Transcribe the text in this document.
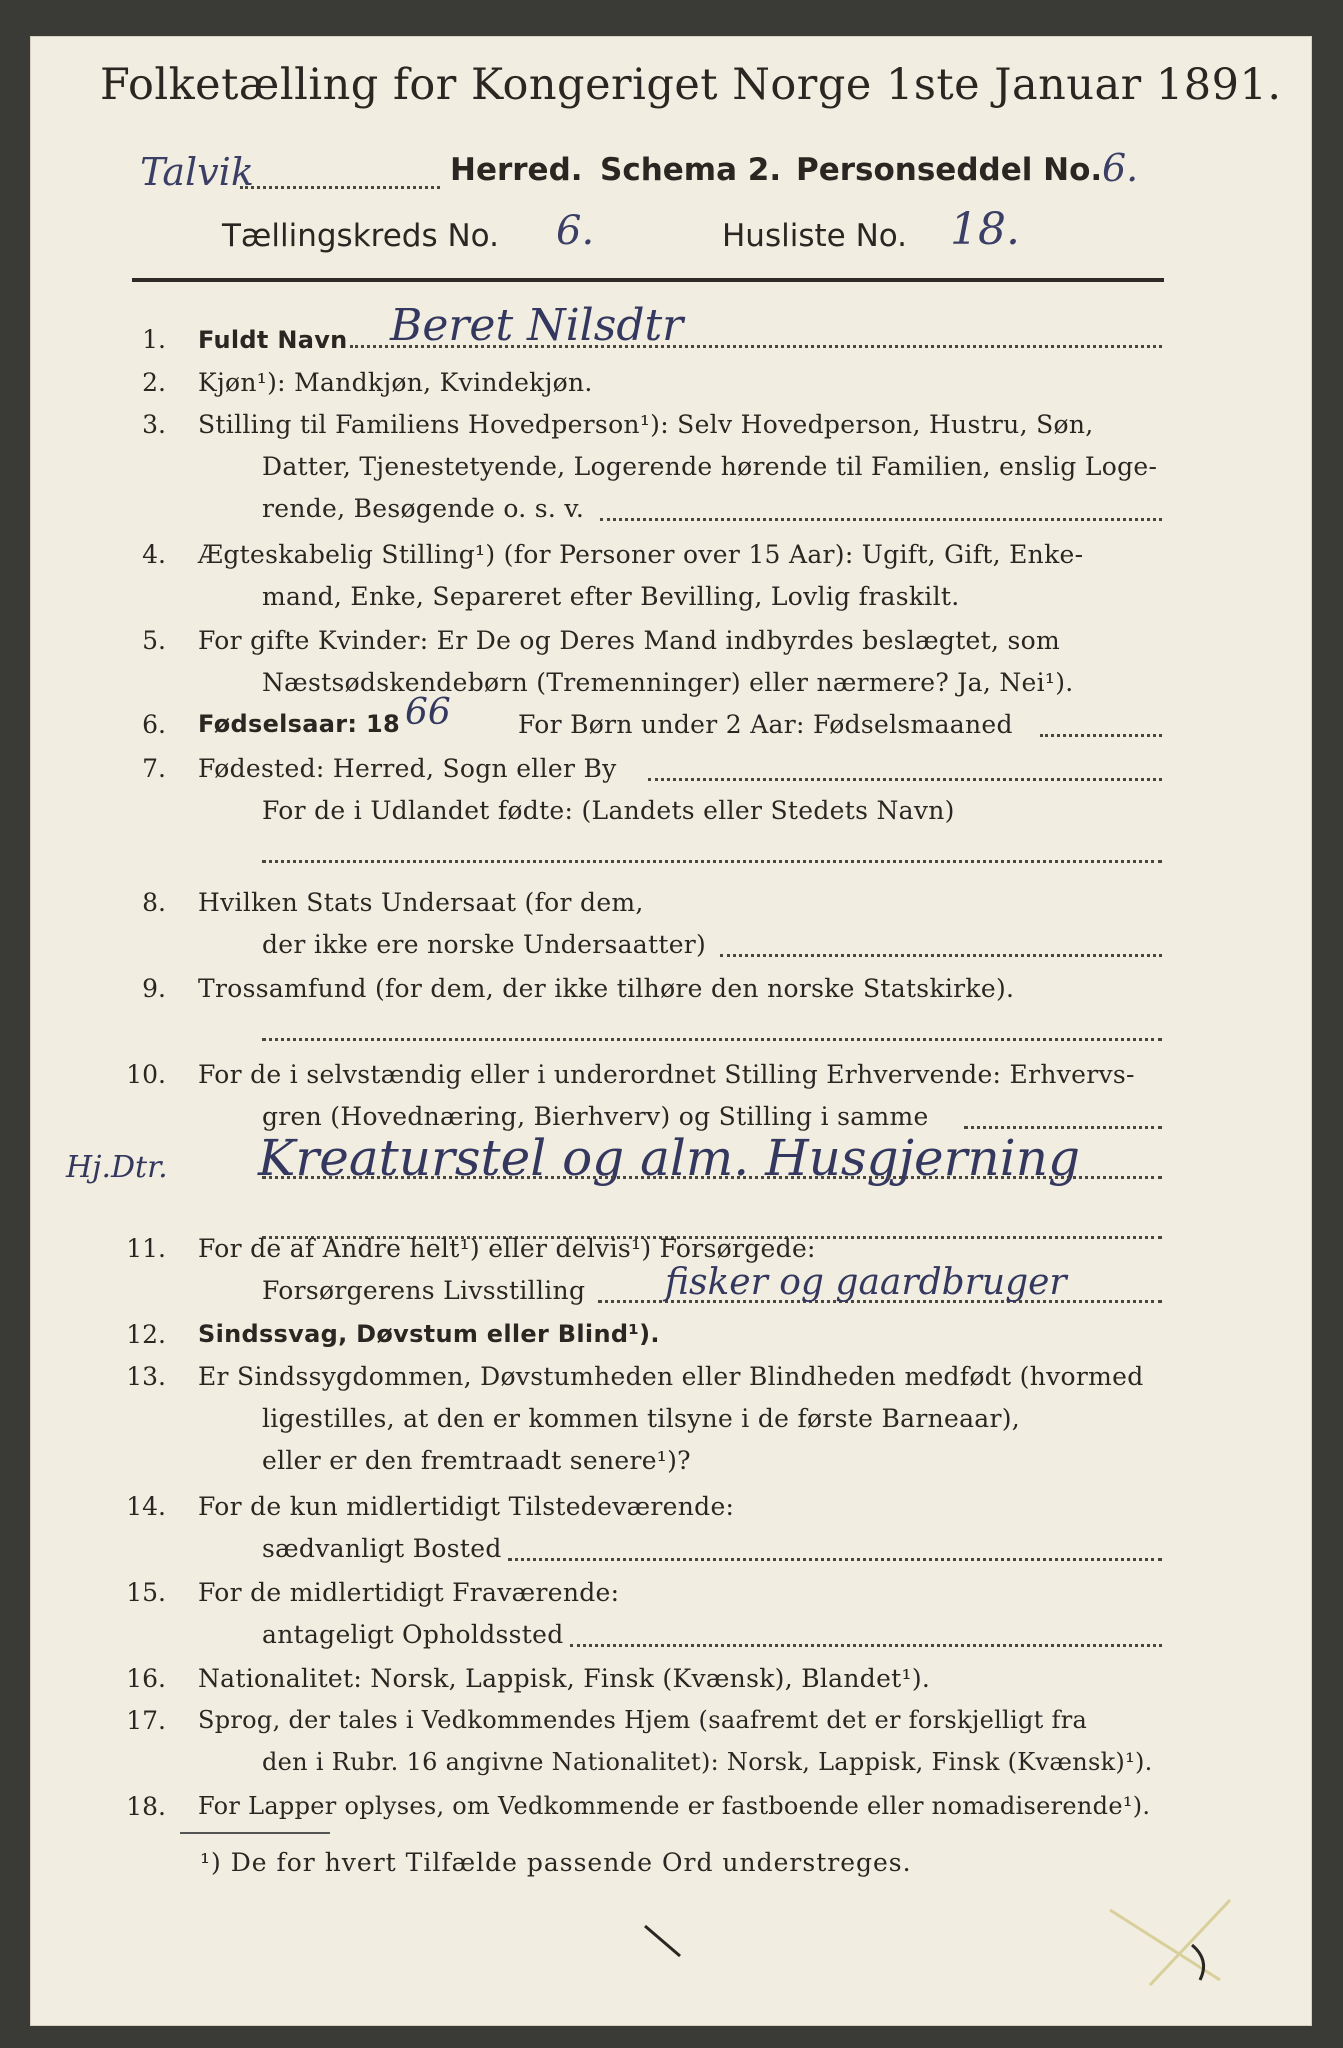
Folketælling for Kongeriget Norge 1ste Januar 1891.
Talvik	Herred. Schema 2. Personseddel No. 6.
Tællingskreds No. 6.	Husliste No. 18.
1. Fuldt Navn Beret Nilsdtr
2. Kjøn¹): Mandkjøn, Kvindekjøn.
3. Stilling til Familiens Hovedperson¹): Selv Hovedperson, Hustru, Søn,
Datter, Tjenestetyende, Logerende hørende til Familien, enslig Loge-
rende, Besøgende o. s. v.
4. Ægteskabelig Stilling¹) (for Personer over 15 Aar): Ugift, Gift, Enke-
mand, Enke, Separeret efter Bevilling, Lovlig fraskilt.
5. For gifte Kvinder: Er De og Deres Mand indbyrdes beslægtet, som
Næstsødskendebørn (Tremenninger) eller nærmere? Ja, Nei¹).
6. Fødselsaar: 18 66	For Børn under 2 Aar: Fødselsmaaned
7. Fødested: Herred, Sogn eller By
For de i Udlandet fødte: (Landets eller Stedets Navn)
8. Hvilken Stats Undersaat (for dem,
der ikke ere norske Undersaatter)
9. Trossamfund (for dem, der ikke tilhøre den norske Statskirke).
10. For de i selvstændig eller i underordnet Stilling Erhvervende: Erhvervs-
gren (Hovednæring, Bierhverv) og Stilling i samme
Hj.Dtr. Kreaturstel og alm. Husgjerning
11. For de af Andre helt¹) eller delvis¹) Forsørgede:
Forsørgerens Livsstilling fisker og gaardbruger
12. Sindssvag, Døvstum eller Blind¹).
13. Er Sindssygdommen, Døvstumheden eller Blindheden medfødt (hvormed
ligestilles, at den er kommen tilsyne i de første Barneaar),
eller er den fremtraadt senere¹)?
14. For de kun midlertidigt Tilstedeværende:
sædvanligt Bosted
15. For de midlertidigt Fraværende:
antageligt Opholdssted
16. Nationalitet: Norsk, Lappisk, Finsk (Kvænsk), Blandet¹).
17. Sprog, der tales i Vedkommendes Hjem (saafremt det er forskjelligt fra
den i Rubr. 16 angivne Nationalitet): Norsk, Lappisk, Finsk (Kvænsk)¹).
18. For Lapper oplyses, om Vedkommende er fastboende eller nomadiserende¹).
¹) De for hvert Tilfælde passende Ord understreges.
